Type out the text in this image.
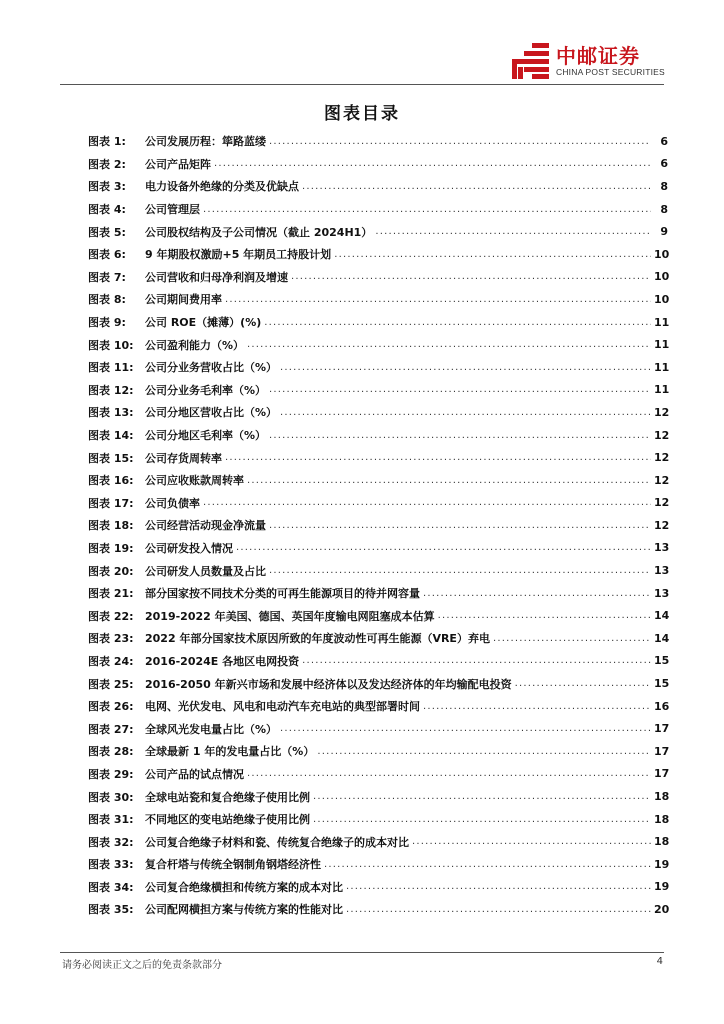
中邮证券
CHINA POST SECURITIES
图表目录
图表 1:	公司发展历程：筚路蓝缕 .....	6
图表 2:	公司产品矩阵 .....	6
图表 3:	电力设备外绝缘的分类及优缺点 .....	8
图表 4:	公司管理层 .....	8
图表 5:	公司股权结构及子公司情况（截止 2024H1） .....	9
图表 6:	9 年期股权激励+5 年期员工持股计划 .....	10
图表 7:	公司营收和归母净利润及增速 .....	10
图表 8:	公司期间费用率 .....	10
图表 9:	公司 ROE（摊薄）(%) .....	11
图表 10:	公司盈利能力（%） .....	11
图表 11:	公司分业务营收占比（%） .....	11
图表 12:	公司分业务毛利率（%） .....	11
图表 13:	公司分地区营收占比（%） .....	12
图表 14:	公司分地区毛利率（%） .....	12
图表 15:	公司存货周转率 .....	12
图表 16:	公司应收账款周转率 .....	12
图表 17:	公司负债率 .....	12
图表 18:	公司经营活动现金净流量 .....	12
图表 19:	公司研发投入情况 .....	13
图表 20:	公司研发人员数量及占比 .....	13
图表 21:	部分国家按不同技术分类的可再生能源项目的待并网容量 .....	13
图表 22:	2019-2022 年美国、德国、英国年度输电网阻塞成本估算 .....	14
图表 23:	2022 年部分国家技术原因所致的年度波动性可再生能源（VRE）弃电 .....	14
图表 24:	2016-2024E 各地区电网投资 .....	15
图表 25:	2016-2050 年新兴市场和发展中经济体以及发达经济体的年均输配电投资 .....	15
图表 26:	电网、光伏发电、风电和电动汽车充电站的典型部署时间 .....	16
图表 27:	全球风光发电量占比（%） .....	17
图表 28:	全球最新 1 年的发电量占比（%） .....	17
图表 29:	公司产品的试点情况 .....	17
图表 30:	全球电站瓷和复合绝缘子使用比例 .....	18
图表 31:	不同地区的变电站绝缘子使用比例 .....	18
图表 32:	公司复合绝缘子材料和瓷、传统复合绝缘子的成本对比 .....	18
图表 33:	复合杆塔与传统全钢制角钢塔经济性 .....	19
图表 34:	公司复合绝缘横担和传统方案的成本对比 .....	19
图表 35:	公司配网横担方案与传统方案的性能对比 .....	20
请务必阅读正文之后的免责条款部分	4
